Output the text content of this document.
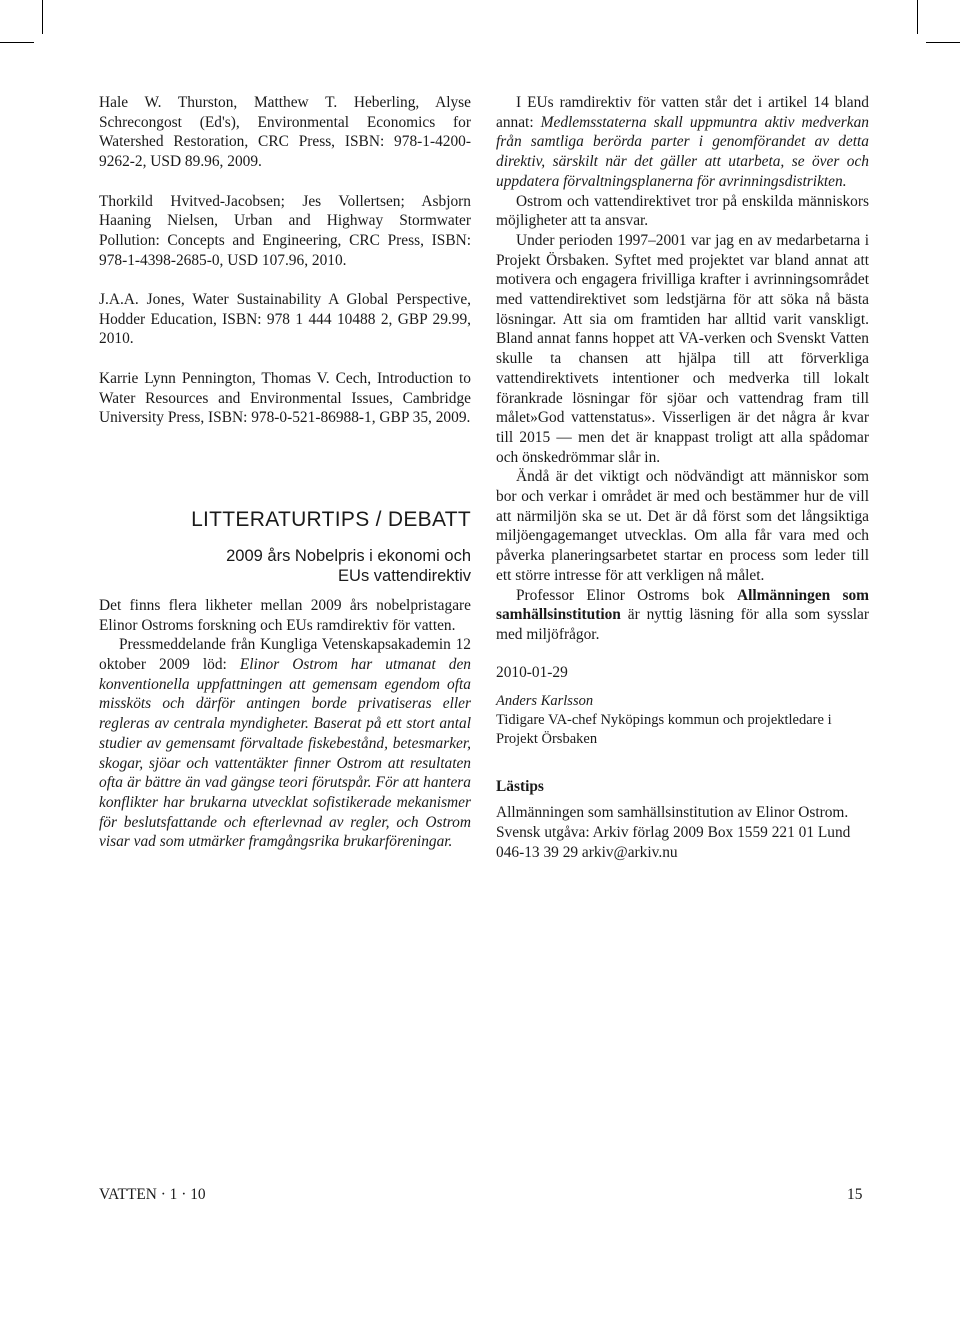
Hale W. Thurston, Matthew T. Heberling, Alyse Schrecongost (Ed's), Environmental Economics for Watershed Restoration, CRC Press, ISBN: 978-1-4200-9262-2, USD 89.96, 2009.

Thorkild Hvitved-Jacobsen; Jes Vollertsen; Asbjorn Haaning Nielsen, Urban and Highway Stormwater Pollution: Concepts and Engineering, CRC Press, ISBN: 978-1-4398-2685-0, USD 107.96, 2010.

J.A.A. Jones, Water Sustainability A Global Perspective, Hodder Education, ISBN: 978 1 444 10488 2, GBP 29.99, 2010.

Karrie Lynn Pennington, Thomas V. Cech, Introduction to Water Resources and Environmental Issues, Cambridge University Press, ISBN: 978-0-521-86988-1, GBP 35, 2009.

LITTERATURTIPS / DEBATT
2009 års Nobelpris i ekonomi och
EUs vattendirektiv

Det finns flera likheter mellan 2009 års nobelpristagare Elinor Ostroms forskning och EUs ramdirektiv för vatten.

Pressmeddelande från Kungliga Vetenskapsakademin 12 oktober 2009 löd: Elinor Ostrom har utmanat den konventionella uppfattningen att gemensam egendom ofta missköts och därför antingen borde privatiseras eller regleras av centrala myndigheter. Baserat på ett stort antal studier av gemensamt förvaltade fiskebestånd, betesmarker, skogar, sjöar och vattentäkter finner Ostrom att resultaten ofta är bättre än vad gängse teori förutspår. För att hantera konflikter har brukarna utvecklat sofistikerade mekanismer för beslutsfattande och efterlevnad av regler, och Ostrom visar vad som utmärker framgångsrika brukarföreningar.

I EUs ramdirektiv för vatten står det i artikel 14 bland annat: Medlemsstaterna skall uppmuntra aktiv medverkan från samtliga berörda parter i genomförandet av detta direktiv, särskilt när det gäller att utarbeta, se över och uppdatera förvaltningsplanerna för avrinningsdistrikten.

Ostrom och vattendirektivet tror på enskilda människors möjligheter att ta ansvar.

Under perioden 1997–2001 var jag en av medarbetarna i Projekt Örsbaken. Syftet med projektet var bland annat att motivera och engagera frivilliga krafter i avrinningsområdet med vattendirektivet som ledstjärna för att söka nå bästa lösningar. Att sia om framtiden har alltid varit vanskligt. Bland annat fanns hoppet att VA-verken och Svenskt Vatten skulle ta chansen att hjälpa till att förverkliga vattendirektivets intentioner och medverka till lokalt förankrade lösningar för sjöar och vattendrag fram till målet»God vattenstatus». Visserligen är det några år kvar till 2015 — men det är knappast troligt att alla spådomar och önskedrömmar slår in.

Ändå är det viktigt och nödvändigt att människor som bor och verkar i området är med och bestämmer hur de vill att närmiljön ska se ut. Det är då först som det långsiktiga miljöengagemanget utvecklas. Om alla får vara med och påverka planeringsarbetet startar en process som leder till ett större intresse för att verkligen nå målet.

Professor Elinor Ostroms bok Allmänningen som samhällsinstitution är nyttig läsning för alla som sysslar med miljöfrågor.

2010-01-29

Anders Karlsson

Tidigare VA-chef Nyköpings kommun och projektledare i Projekt Örsbaken

Lästips

Allmänningen som samhällsinstitution av Elinor Ostrom. Svensk utgåva: Arkiv förlag 2009 Box 1559 221 01 Lund 046-13 39 29 arkiv@arkiv.nu

VATTEN · 1 · 10	15
